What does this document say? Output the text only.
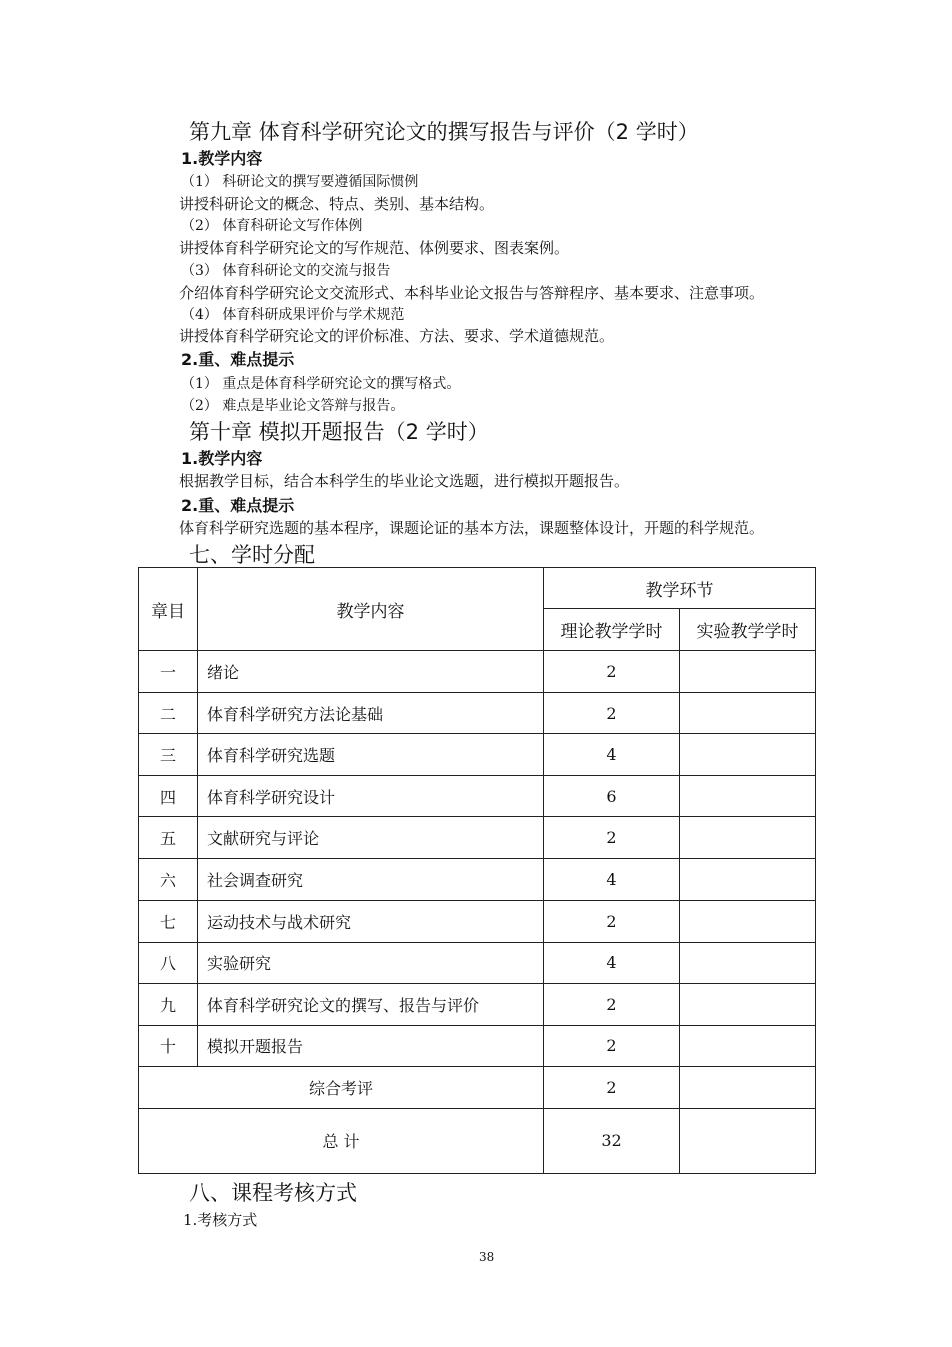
第九章 体育科学研究论文的撰写报告与评价（2 学时）
1.教学内容
（1） 科研论文的撰写要遵循国际惯例
讲授科研论文的概念、特点、类别、基本结构。
（2） 体育科研论文写作体例
讲授体育科学研究论文的写作规范、体例要求、图表案例。
（3） 体育科研论文的交流与报告
介绍体育科学研究论文交流形式、本科毕业论文报告与答辩程序、基本要求、注意事项。
（4） 体育科研成果评价与学术规范
讲授体育科学研究论文的评价标准、方法、要求、学术道德规范。
2.重、难点提示
（1） 重点是体育科学研究论文的撰写格式。
（2） 难点是毕业论文答辩与报告。
第十章 模拟开题报告（2 学时）
1.教学内容
根据教学目标，结合本科学生的毕业论文选题，进行模拟开题报告。
2.重、难点提示
体育科学研究选题的基本程序，课题论证的基本方法，课题整体设计，开题的科学规范。
七、学时分配
章目	教学内容	教学环节	
		理论教学学时	实验教学学时
一	绪论	2	
二	体育科学研究方法论基础	2	
三	体育科学研究选题	4	
四	体育科学研究设计	6	
五	文献研究与评论	2	
六	社会调查研究	4	
七	运动技术与战术研究	2	
八	实验研究	4	
九	体育科学研究论文的撰写、报告与评价	2	
十	模拟开题报告	2	
综合考评		2	
总 计		32	
八、课程考核方式
1.考核方式
38
